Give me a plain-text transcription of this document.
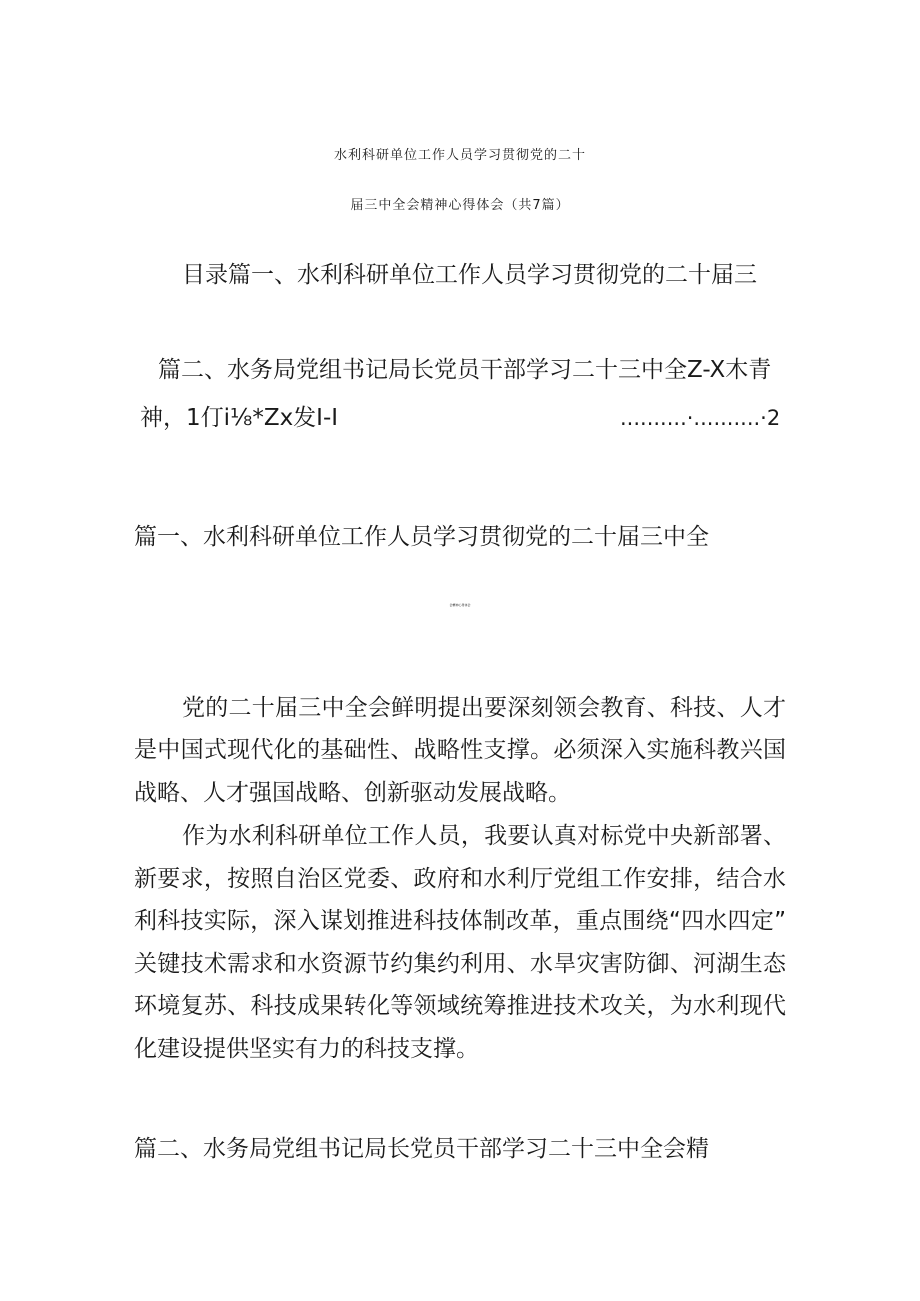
水利科研单位工作人员学习贯彻党的二十
届三中全会精神心得体会（共7篇）
目录篇一、水利科研单位工作人员学习贯彻党的二十届三
篇二、水务局党组书记局长党员干部学习二十三中全Z-X木青
神，1仃i⅛*Zx发I-I	..........·..........·2
篇一、水利科研单位工作人员学习贯彻党的二十届三中全
会精神心得体会
党的二十届三中全会鲜明提出要深刻领会教育、科技、人才
是中国式现代化的基础性、战略性支撑。必须深入实施科教兴国
战略、人才强国战略、创新驱动发展战略。
作为水利科研单位工作人员，我要认真对标党中央新部署、
新要求，按照自治区党委、政府和水利厅党组工作安排，结合水
利科技实际，深入谋划推进科技体制改革，重点围绕“四水四定”
关键技术需求和水资源节约集约利用、水旱灾害防御、河湖生态
环境复苏、科技成果转化等领域统筹推进技术攻关，为水利现代
化建设提供坚实有力的科技支撑。
篇二、水务局党组书记局长党员干部学习二十三中全会精
